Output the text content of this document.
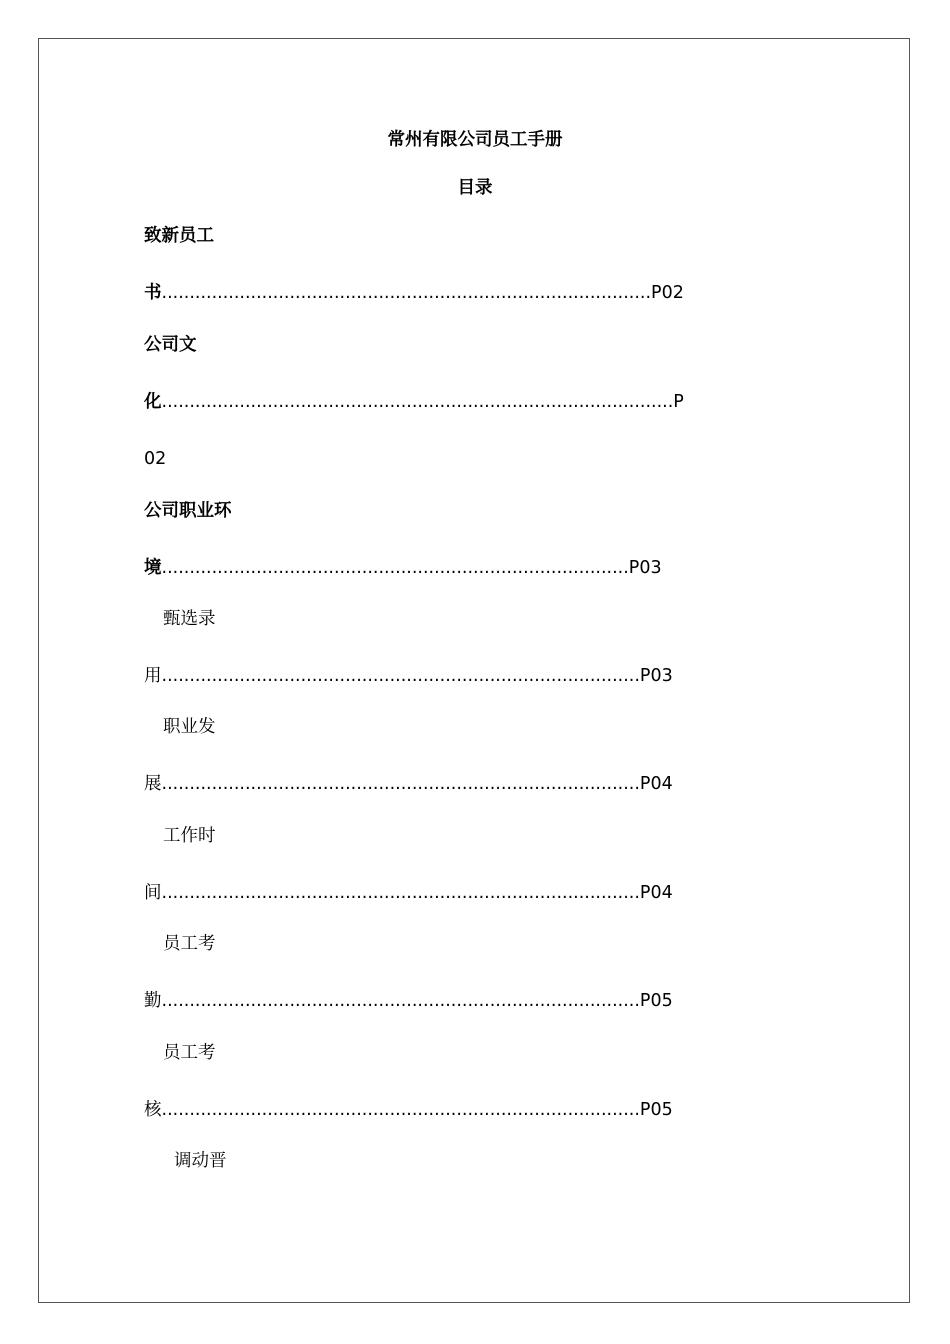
常州有限公司员工手册
目录
致新员工
书........................................................................................P02
公司文
化............................................................................................P
02
公司职业环
境....................................................................................P03
甄选录
用......................................................................................P03
职业发
展......................................................................................P04
工作时
间......................................................................................P04
员工考
勤......................................................................................P05
员工考
核......................................................................................P05
调动晋
